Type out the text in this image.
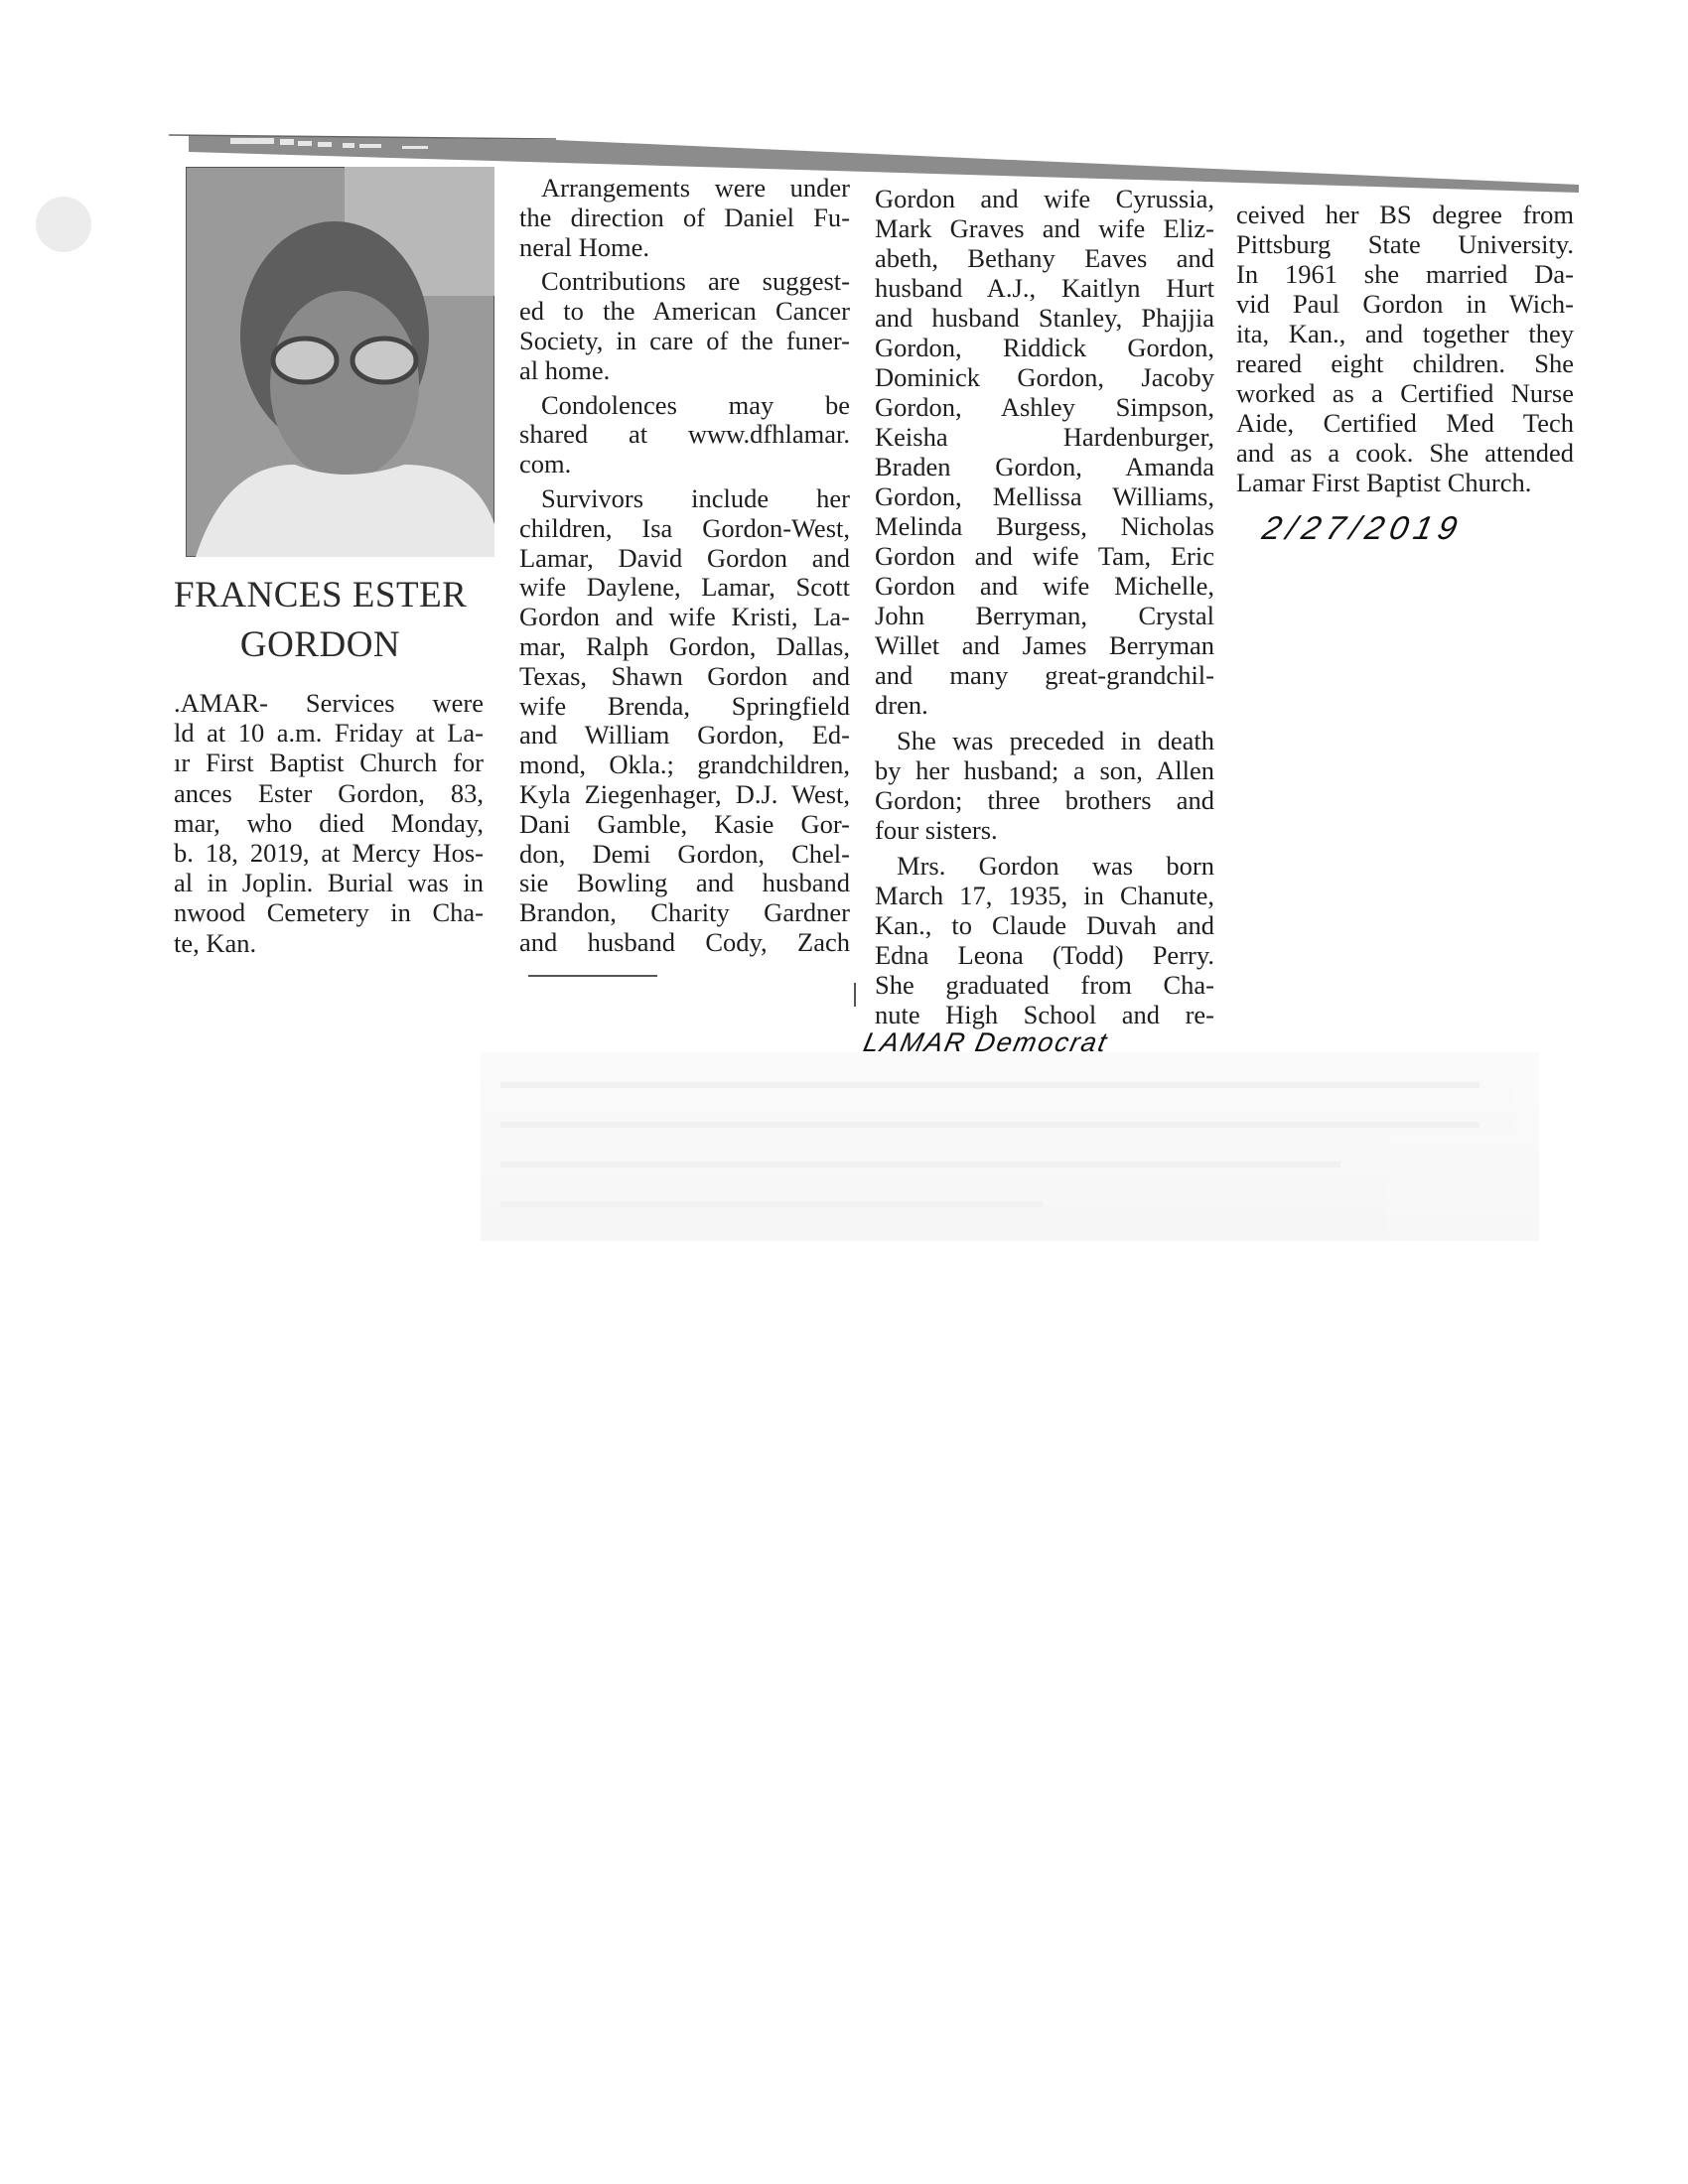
FRANCES ESTER
GORDON
.AMAR- Services were
ld at 10 a.m. Friday at La-
ır First Baptist Church for
ances Ester Gordon, 83,
mar, who died Monday,
b. 18, 2019, at Mercy Hos-
al in Joplin. Burial was in
nwood Cemetery in Cha-
te, Kan.
Arrangements were under
the direction of Daniel Fu-
neral Home.
Contributions are suggest-
ed to the American Cancer
Society, in care of the funer-
al home.
Condolences may be
shared at www.dfhlamar.
com.
Survivors include her
children, Isa Gordon-West,
Lamar, David Gordon and
wife Daylene, Lamar, Scott
Gordon and wife Kristi, La-
mar, Ralph Gordon, Dallas,
Texas, Shawn Gordon and
wife Brenda, Springfield
and William Gordon, Ed-
mond, Okla.; grandchildren,
Kyla Ziegenhager, D.J. West,
Dani Gamble, Kasie Gor-
don, Demi Gordon, Chel-
sie Bowling and husband
Brandon, Charity Gardner
and husband Cody, Zach
Gordon and wife Cyrussia,
Mark Graves and wife Eliz-
abeth, Bethany Eaves and
husband A.J., Kaitlyn Hurt
and husband Stanley, Phajjia
Gordon, Riddick Gordon,
Dominick Gordon, Jacoby
Gordon, Ashley Simpson,
Keisha Hardenburger,
Braden Gordon, Amanda
Gordon, Mellissa Williams,
Melinda Burgess, Nicholas
Gordon and wife Tam, Eric
Gordon and wife Michelle,
John Berryman, Crystal
Willet and James Berryman
and many great-grandchil-
dren.
She was preceded in death
by her husband; a son, Allen
Gordon; three brothers and
four sisters.
Mrs. Gordon was born
March 17, 1935, in Chanute,
Kan., to Claude Duvah and
Edna Leona (Todd) Perry.
She graduated from Cha-
nute High School and re-
ceived her BS degree from
Pittsburg State University.
In 1961 she married Da-
vid Paul Gordon in Wich-
ita, Kan., and together they
reared eight children. She
worked as a Certified Nurse
Aide, Certified Med Tech
and as a cook. She attended
Lamar First Baptist Church.
LAMAR Democrat
2/27/2019
